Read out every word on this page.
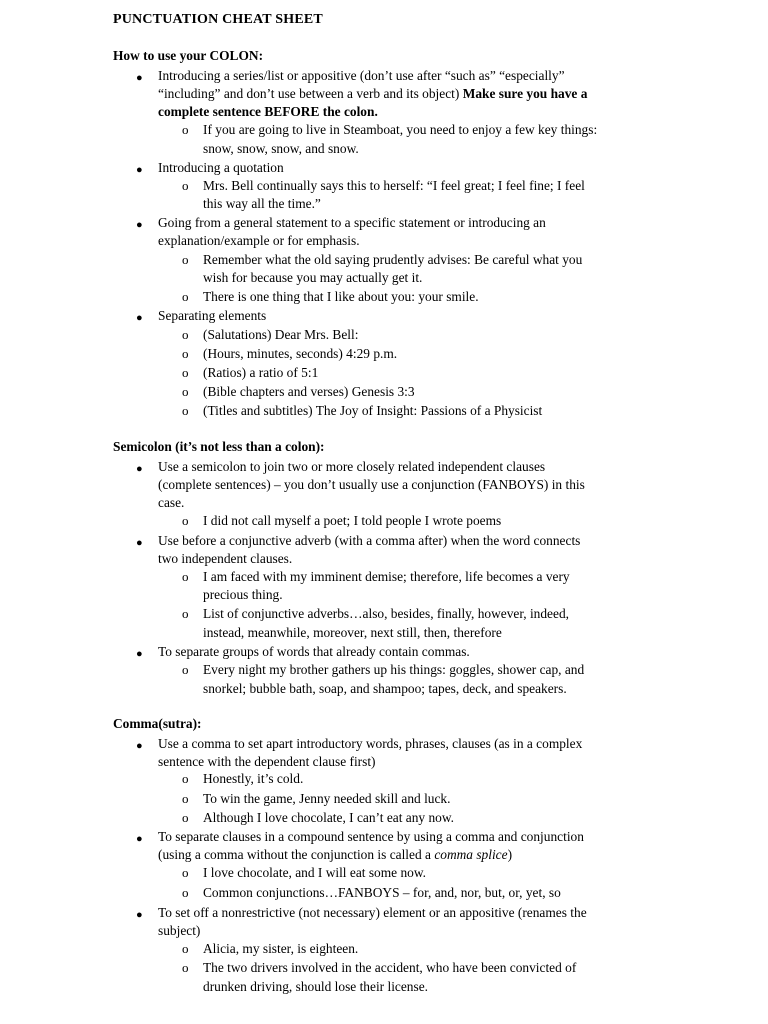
PUNCTUATION CHEAT SHEET
How to use your COLON:
● Introducing a series/list or appositive (don’t use after “such as” “especially”
“including” and don’t use between a verb and its object) Make sure you have a
complete sentence BEFORE the colon.
o If you are going to live in Steamboat, you need to enjoy a few key things:
snow, snow, snow, and snow.
● Introducing a quotation
o Mrs. Bell continually says this to herself: “I feel great; I feel fine; I feel
this way all the time.”
● Going from a general statement to a specific statement or introducing an
explanation/example or for emphasis.
o Remember what the old saying prudently advises: Be careful what you
wish for because you may actually get it.
o There is one thing that I like about you: your smile.
● Separating elements
o (Salutations) Dear Mrs. Bell:
o (Hours, minutes, seconds) 4:29 p.m.
o (Ratios) a ratio of 5:1
o (Bible chapters and verses) Genesis 3:3
o (Titles and subtitles) The Joy of Insight: Passions of a Physicist
Semicolon (it’s not less than a colon):
● Use a semicolon to join two or more closely related independent clauses
(complete sentences) – you don’t usually use a conjunction (FANBOYS) in this
case.
o I did not call myself a poet; I told people I wrote poems
● Use before a conjunctive adverb (with a comma after) when the word connects
two independent clauses.
o I am faced with my imminent demise; therefore, life becomes a very
precious thing.
o List of conjunctive adverbs…also, besides, finally, however, indeed,
instead, meanwhile, moreover, next still, then, therefore
● To separate groups of words that already contain commas.
o Every night my brother gathers up his things: goggles, shower cap, and
snorkel; bubble bath, soap, and shampoo; tapes, deck, and speakers.
Comma(sutra):
● Use a comma to set apart introductory words, phrases, clauses (as in a complex
sentence with the dependent clause first)
o Honestly, it’s cold.
o To win the game, Jenny needed skill and luck.
o Although I love chocolate, I can’t eat any now.
● To separate clauses in a compound sentence by using a comma and conjunction
(using a comma without the conjunction is called a comma splice)
o I love chocolate, and I will eat some now.
o Common conjunctions…FANBOYS – for, and, nor, but, or, yet, so
● To set off a nonrestrictive (not necessary) element or an appositive (renames the
subject)
o Alicia, my sister, is eighteen.
o The two drivers involved in the accident, who have been convicted of
drunken driving, should lose their license.
